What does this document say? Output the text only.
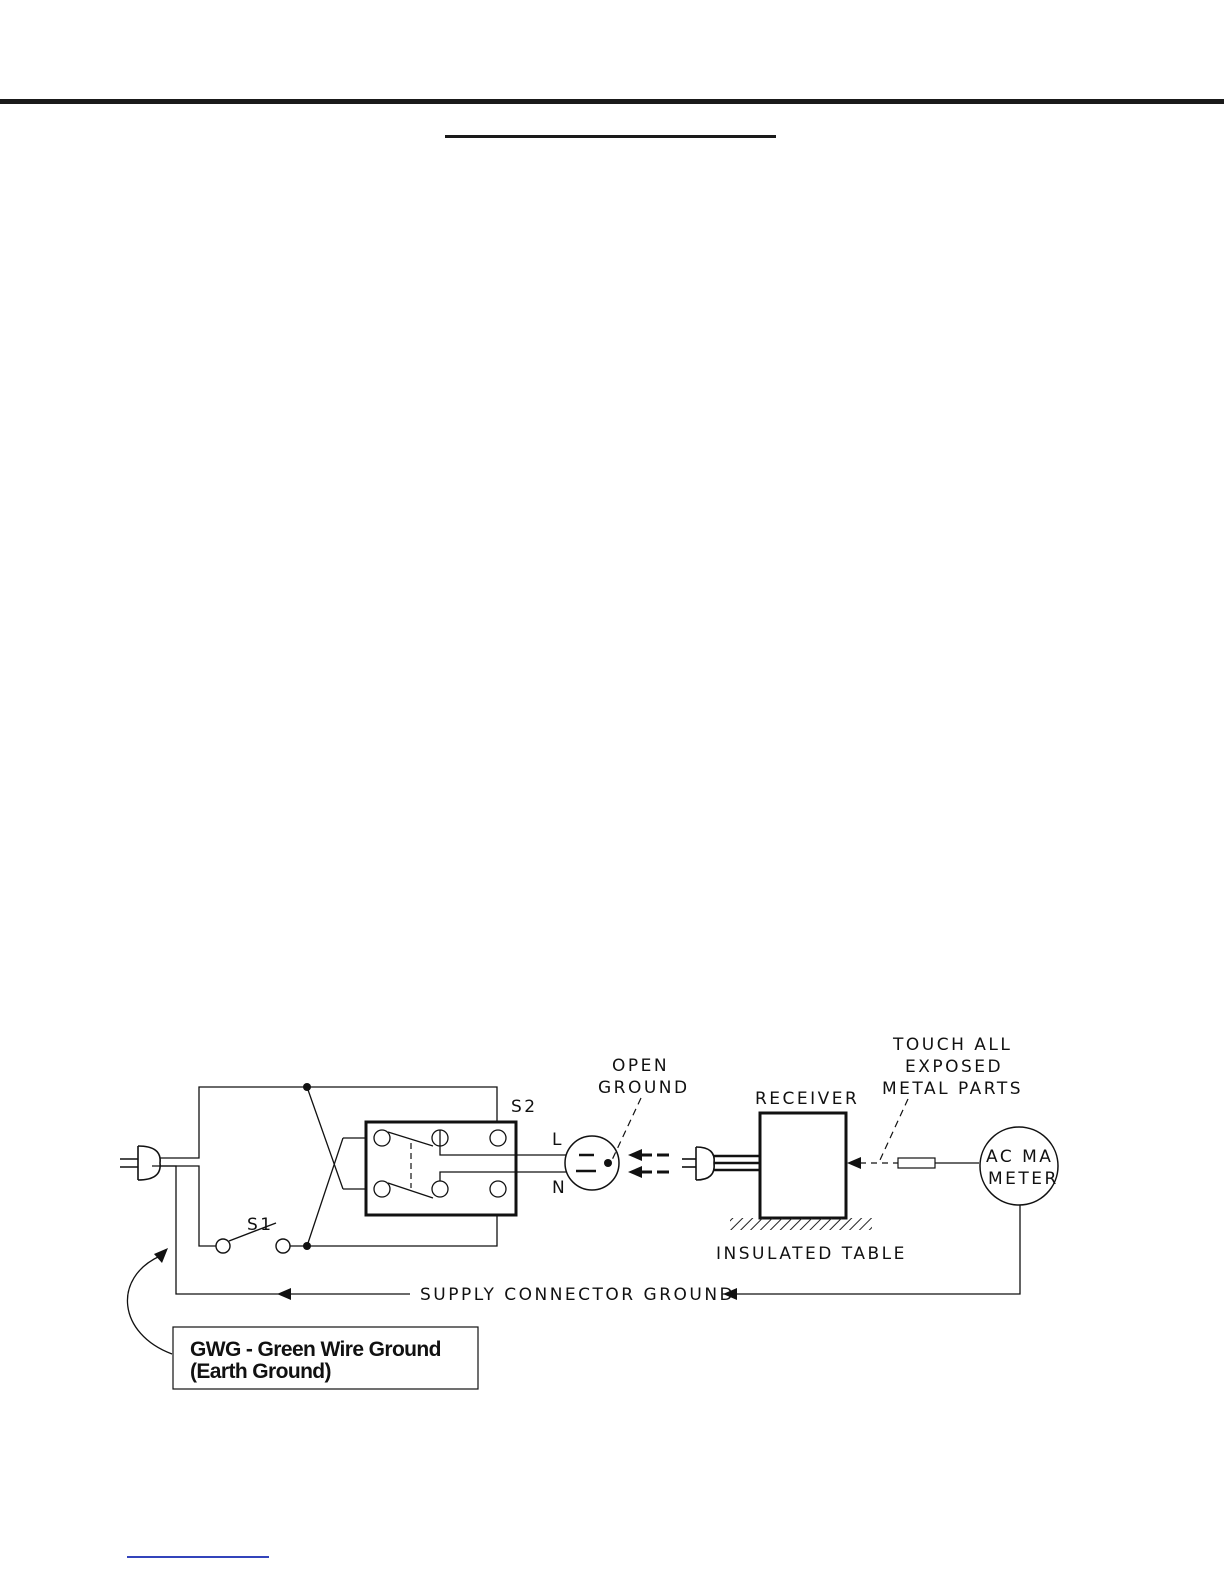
S1
S2
L
N
OPEN
GROUND
RECEIVER
INSULATED TABLE
AC MA
METER
TOUCH ALL
EXPOSED
METAL PARTS
SUPPLY CONNECTOR GROUND
GWG - Green Wire Ground
(Earth Ground)
